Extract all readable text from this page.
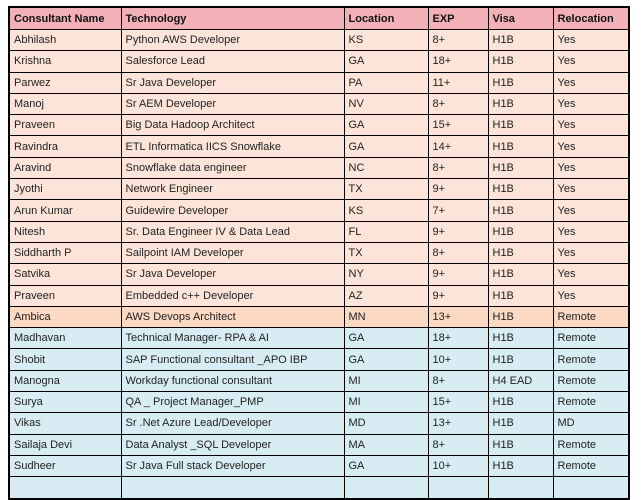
Consultant Name	Technology	Location	EXP	Visa	Relocation
Abhilash	Python AWS Developer	KS	8+	H1B	Yes
Krishna	Salesforce Lead	GA	18+	H1B	Yes
Parwez	Sr Java Developer	PA	11+	H1B	Yes
Manoj	Sr AEM Developer	NV	8+	H1B	Yes
Praveen	Big Data Hadoop Architect	GA	15+	H1B	Yes
Ravindra	ETL Informatica IICS Snowflake	GA	14+	H1B	Yes
Aravind	Snowflake data engineer	NC	8+	H1B	Yes
Jyothi	Network Engineer	TX	9+	H1B	Yes
Arun Kumar	Guidewire Developer	KS	7+	H1B	Yes
Nitesh	Sr. Data Engineer IV & Data Lead	FL	9+	H1B	Yes
Siddharth P	Sailpoint IAM Developer	TX	8+	H1B	Yes
Satvika	Sr Java Developer	NY	9+	H1B	Yes
Praveen	Embedded c++ Developer	AZ	9+	H1B	Yes
Ambica	AWS Devops Architect	MN	13+	H1B	Remote
Madhavan	Technical Manager- RPA & AI	GA	18+	H1B	Remote
Shobit	SAP Functional consultant _APO IBP	GA	10+	H1B	Remote
Manogna	Workday functional consultant	MI	8+	H4 EAD	Remote
Surya	QA _ Project Manager_PMP	MI	15+	H1B	Remote
Vikas	Sr .Net Azure Lead/Developer	MD	13+	H1B	MD
Sailaja Devi	Data Analyst _SQL Developer	MA	8+	H1B	Remote
Sudheer	Sr Java Full stack Developer	GA	10+	H1B	Remote
